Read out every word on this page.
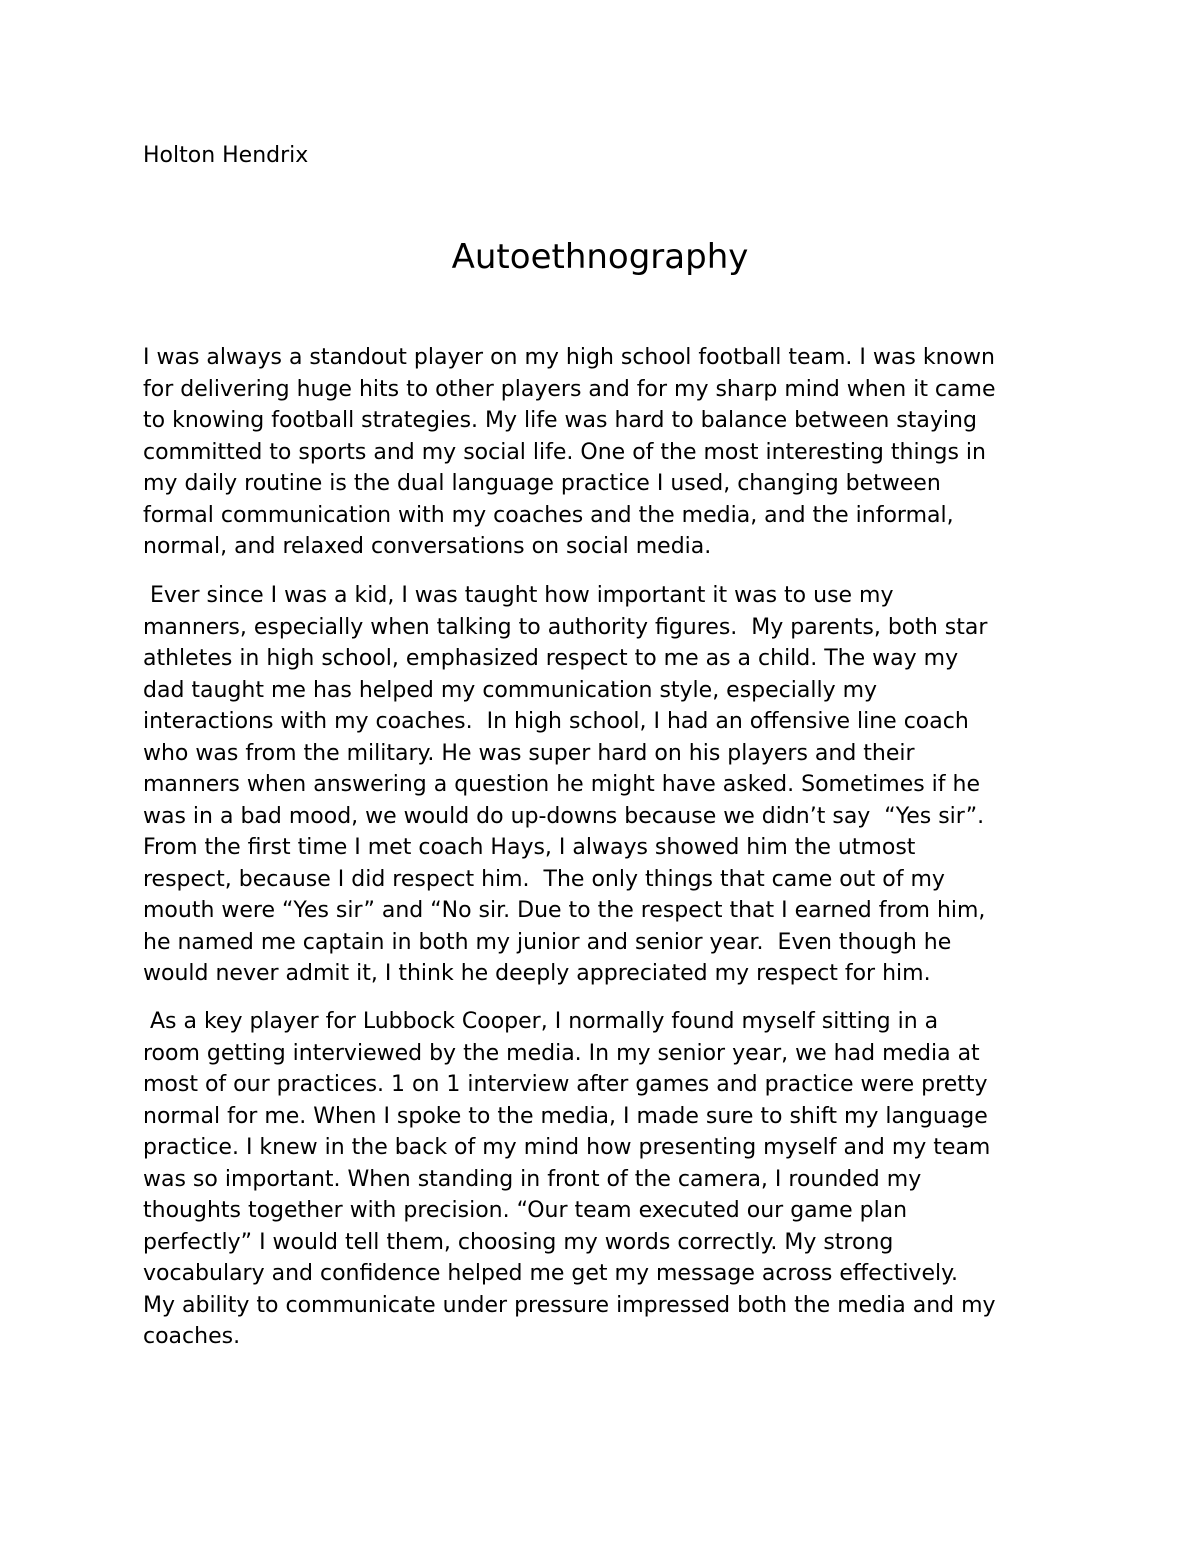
Holton Hendrix
Autoethnography
I was always a standout player on my high school football team. I was known
for delivering huge hits to other players and for my sharp mind when it came
to knowing football strategies. My life was hard to balance between staying
committed to sports and my social life. One of the most interesting things in
my daily routine is the dual language practice I used, changing between
formal communication with my coaches and the media, and the informal,
normal, and relaxed conversations on social media.
Ever since I was a kid, I was taught how important it was to use my
manners, especially when talking to authority figures.  My parents, both star
athletes in high school, emphasized respect to me as a child. The way my
dad taught me has helped my communication style, especially my
interactions with my coaches.  In high school, I had an offensive line coach
who was from the military. He was super hard on his players and their
manners when answering a question he might have asked. Sometimes if he
was in a bad mood, we would do up-downs because we didn’t say  “Yes sir”.
From the first time I met coach Hays, I always showed him the utmost
respect, because I did respect him.  The only things that came out of my
mouth were “Yes sir” and “No sir. Due to the respect that I earned from him,
he named me captain in both my junior and senior year.  Even though he
would never admit it, I think he deeply appreciated my respect for him.
As a key player for Lubbock Cooper, I normally found myself sitting in a
room getting interviewed by the media. In my senior year, we had media at
most of our practices. 1 on 1 interview after games and practice were pretty
normal for me. When I spoke to the media, I made sure to shift my language
practice. I knew in the back of my mind how presenting myself and my team
was so important. When standing in front of the camera, I rounded my
thoughts together with precision. “Our team executed our game plan
perfectly” I would tell them, choosing my words correctly. My strong
vocabulary and confidence helped me get my message across effectively.
My ability to communicate under pressure impressed both the media and my
coaches.
